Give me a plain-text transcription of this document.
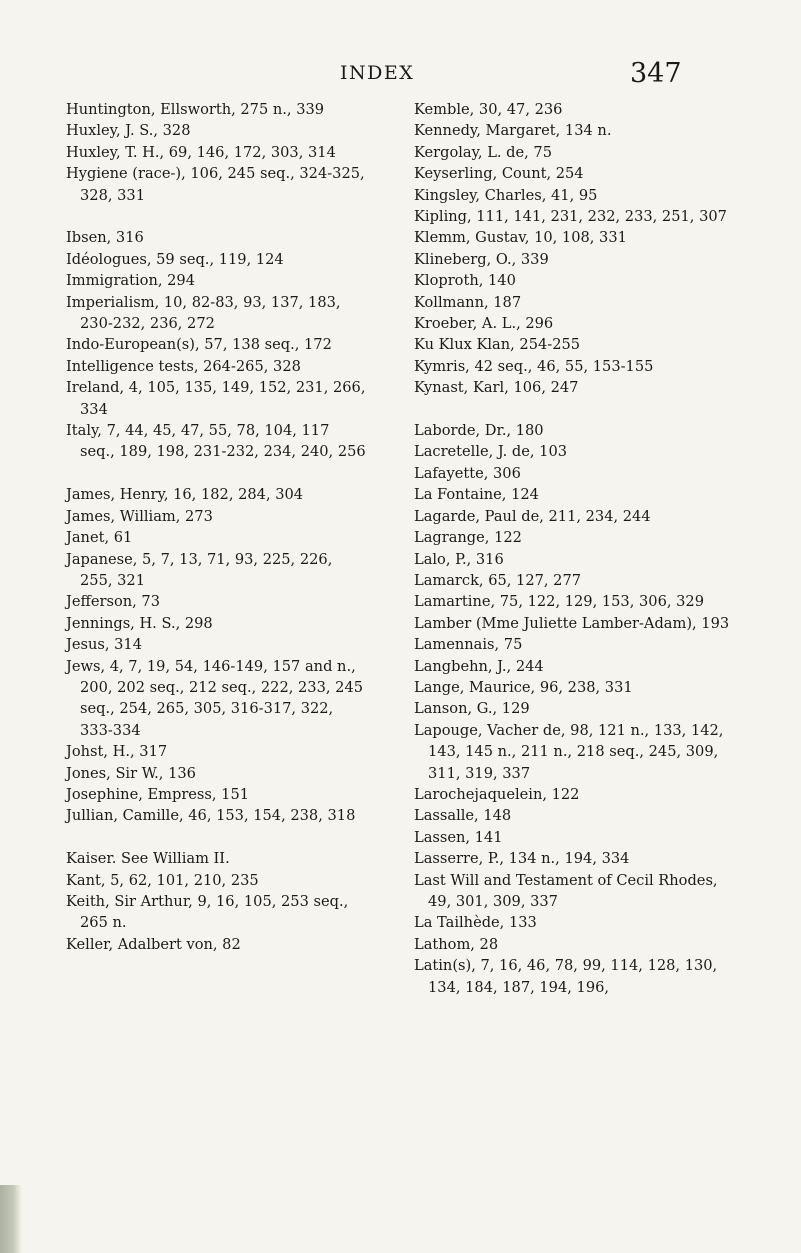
INDEX	347

Huntington, Ellsworth, 275 n., 339

Huxley, J. S., 328

Huxley, T. H., 69, 146, 172, 303, 314

Hygiene (race-), 106, 245 seq., 324-325, 328, 331

Ibsen, 316

Idéologues, 59 seq., 119, 124

Immigration, 294

Imperialism, 10, 82-83, 93, 137, 183, 230-232, 236, 272

Indo-European(s), 57, 138 seq., 172

Intelligence tests, 264-265, 328

Ireland, 4, 105, 135, 149, 152, 231, 266, 334

Italy, 7, 44, 45, 47, 55, 78, 104, 117 seq., 189, 198, 231-232, 234, 240, 256

James, Henry, 16, 182, 284, 304

James, William, 273

Janet, 61

Japanese, 5, 7, 13, 71, 93, 225, 226, 255, 321

Jefferson, 73

Jennings, H. S., 298

Jesus, 314

Jews, 4, 7, 19, 54, 146-149, 157 and n., 200, 202 seq., 212 seq., 222, 233, 245 seq., 254, 265, 305, 316-317, 322, 333-334

Johst, H., 317

Jones, Sir W., 136

Josephine, Empress, 151

Jullian, Camille, 46, 153, 154, 238, 318

Kaiser. See William II.

Kant, 5, 62, 101, 210, 235

Keith, Sir Arthur, 9, 16, 105, 253 seq., 265 n.

Keller, Adalbert von, 82

Kemble, 30, 47, 236

Kennedy, Margaret, 134 n.

Kergolay, L. de, 75

Keyserling, Count, 254

Kingsley, Charles, 41, 95

Kipling, 111, 141, 231, 232, 233, 251, 307

Klemm, Gustav, 10, 108, 331

Klineberg, O., 339

Kloproth, 140

Kollmann, 187

Kroeber, A. L., 296

Ku Klux Klan, 254-255

Kymris, 42 seq., 46, 55, 153-155

Kynast, Karl, 106, 247

Laborde, Dr., 180

Lacretelle, J. de, 103

Lafayette, 306

La Fontaine, 124

Lagarde, Paul de, 211, 234, 244

Lagrange, 122

Lalo, P., 316

Lamarck, 65, 127, 277

Lamartine, 75, 122, 129, 153, 306, 329

Lamber (Mme Juliette Lamber-Adam), 193

Lamennais, 75

Langbehn, J., 244

Lange, Maurice, 96, 238, 331

Lanson, G., 129

Lapouge, Vacher de, 98, 121 n., 133, 142, 143, 145 n., 211 n., 218 seq., 245, 309, 311, 319, 337

Larochejaquelein, 122

Lassalle, 148

Lassen, 141

Lasserre, P., 134 n., 194, 334

Last Will and Testament of Cecil Rhodes, 49, 301, 309, 337

La Tailhède, 133

Lathom, 28

Latin(s), 7, 16, 46, 78, 99, 114, 128, 130, 134, 184, 187, 194, 196,
